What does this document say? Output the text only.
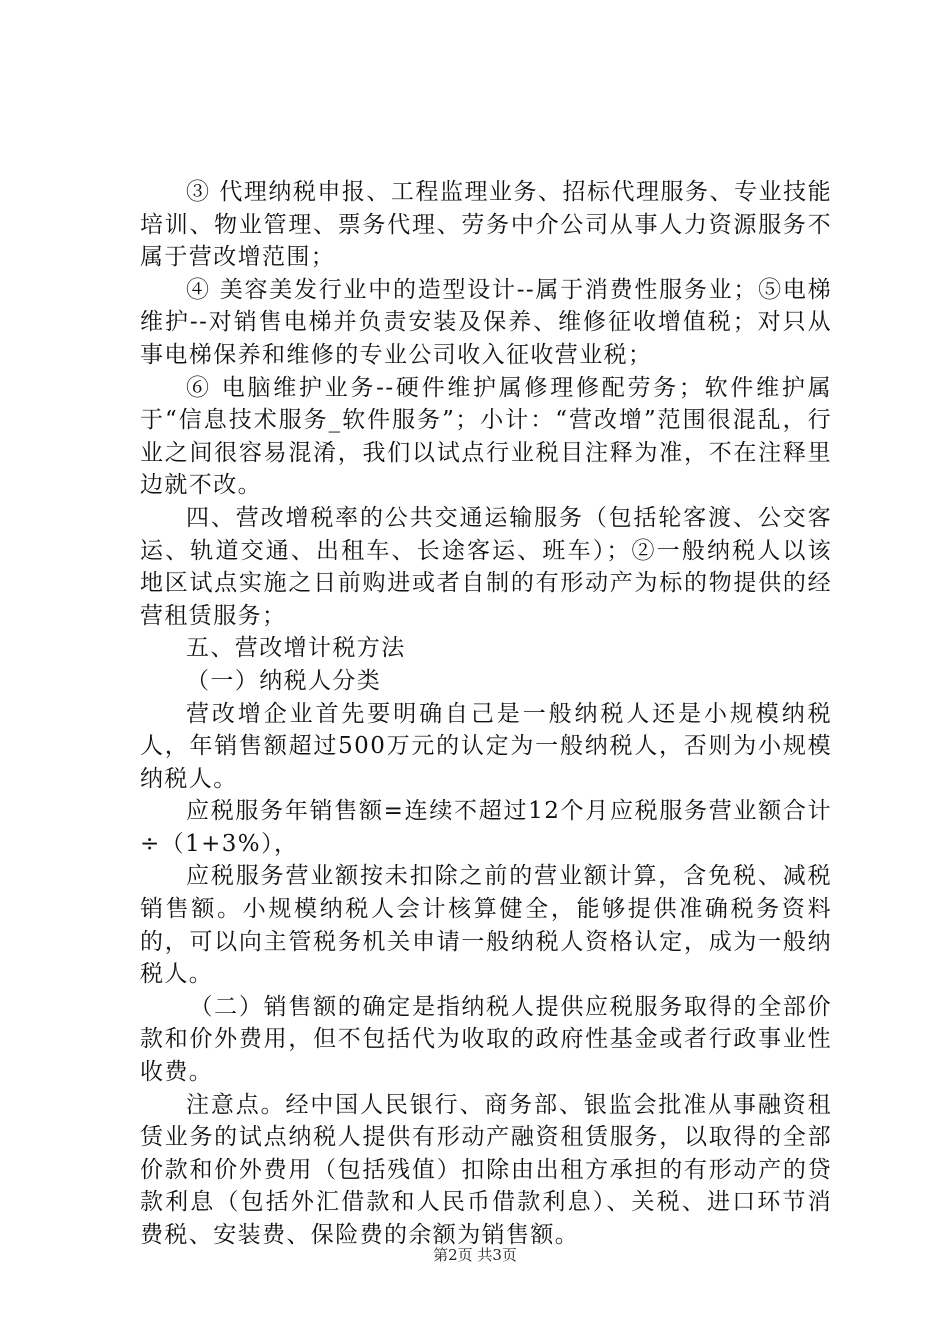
③ 代理纳税申报、工程监理业务、招标代理服务、专业技能培训、物业管理、票务代理、劳务中介公司从事人力资源服务不属于营改增范围；

④ 美容美发行业中的造型设计--属于消费性服务业；⑤电梯维护--对销售电梯并负责安装及保养、维修征收增值税；对只从事电梯保养和维修的专业公司收入征收营业税；

⑥ 电脑维护业务--硬件维护属修理修配劳务；软件维护属于“信息技术服务_软件服务”；小计：“营改增”范围很混乱，行业之间很容易混淆，我们以试点行业税目注释为准，不在注释里边就不改。

四、营改增税率的公共交通运输服务（包括轮客渡、公交客运、轨道交通、出租车、长途客运、班车）；②一般纳税人以该地区试点实施之日前购进或者自制的有形动产为标的物提供的经营租赁服务；

五、营改增计税方法

（一）纳税人分类

营改增企业首先要明确自己是一般纳税人还是小规模纳税人，年销售额超过500万元的认定为一般纳税人，否则为小规模纳税人。

应税服务年销售额=连续不超过12个月应税服务营业额合计÷（1+3%），

应税服务营业额按未扣除之前的营业额计算，含免税、减税销售额。小规模纳税人会计核算健全，能够提供准确税务资料的，可以向主管税务机关申请一般纳税人资格认定，成为一般纳税人。

（二）销售额的确定是指纳税人提供应税服务取得的全部价款和价外费用，但不包括代为收取的政府性基金或者行政事业性收费。

注意点。经中国人民银行、商务部、银监会批准从事融资租赁业务的试点纳税人提供有形动产融资租赁服务，以取得的全部价款和价外费用（包括残值）扣除由出租方承担的有形动产的贷款利息（包括外汇借款和人民币借款利息）、关税、进口环节消费税、安装费、保险费的余额为销售额。

第2页 共3页
